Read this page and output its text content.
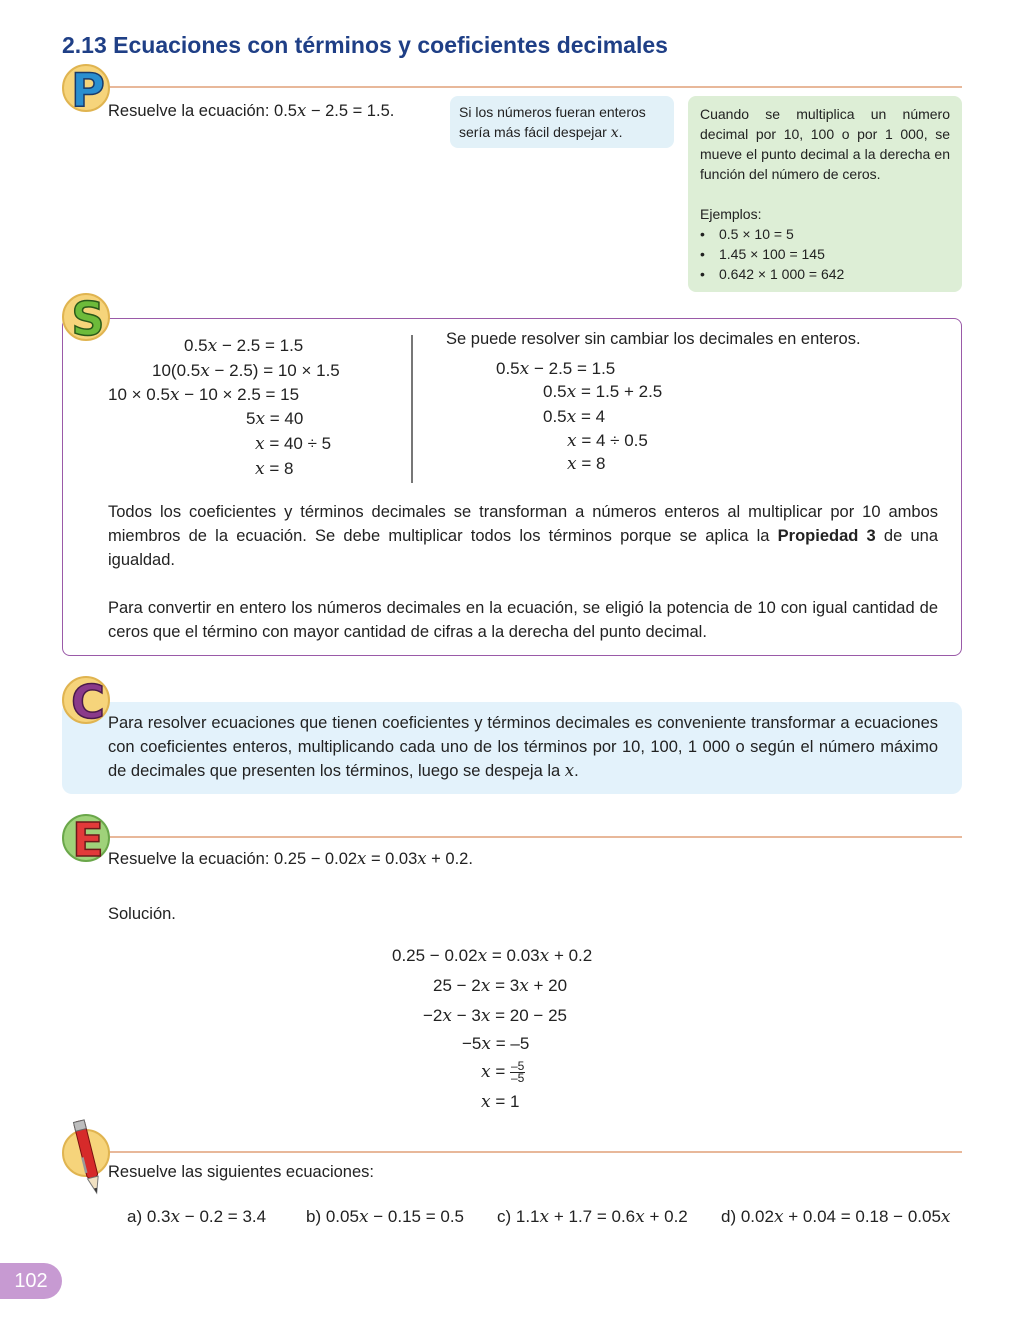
2.13 Ecuaciones con términos y coeficientes decimales
P Resuelve la ecuación: 0.5x − 2.5 = 1.5.	Si los números fueran enteros
sería más fácil despejar x.
Cuando se multiplica un número decimal por 10, 100 o por 1 000, se mueve el punto decimal a la derecha en función del número de ceros.
Ejemplos:
• 0.5 × 10 = 5
• 1.45 × 100 = 145
• 0.642 × 1 000 = 642
S	0.5x − 2.5 = 1.5
10(0.5x − 2.5) = 10 × 1.5
10 × 0.5x − 10 × 2.5 = 15
5x = 40
x = 40 ÷ 5
x = 8
Se puede resolver sin cambiar los decimales en enteros.
0.5x − 2.5 = 1.5
0.5x = 1.5 + 2.5
0.5x = 4
x = 4 ÷ 0.5
x = 8
Todos los coeficientes y términos decimales se transforman a números enteros al multiplicar por 10 ambos miembros de la ecuación. Se debe multiplicar todos los términos porque se aplica la Propiedad 3 de una igualdad.
Para convertir en entero los números decimales en la ecuación, se eligió la potencia de 10 con igual cantidad de ceros que el término con mayor cantidad de cifras a la derecha del punto decimal.
C Para resolver ecuaciones que tienen coeficientes y términos decimales es conveniente transformar a ecuaciones con coeficientes enteros, multiplicando cada uno de los términos por 10, 100, 1 000 o según el número máximo de decimales que presenten los términos, luego se despeja la x.
E Resuelve la ecuación: 0.25 − 0.02x = 0.03x + 0.2.
Solución.
0.25 − 0.02x = 0.03x + 0.2
25 − 2x = 3x + 20
−2x − 3x = 20 − 25
−5x = –5
$x = \frac{-5}{-5}$
x = 1
Resuelve las siguientes ecuaciones:
a) 0.3x − 0.2 = 3.4 b) 0.05x − 0.15 = 0.5 c) 1.1x + 1.7 = 0.6x + 0.2 d) 0.02x + 0.04 = 0.18 − 0.05x
102
